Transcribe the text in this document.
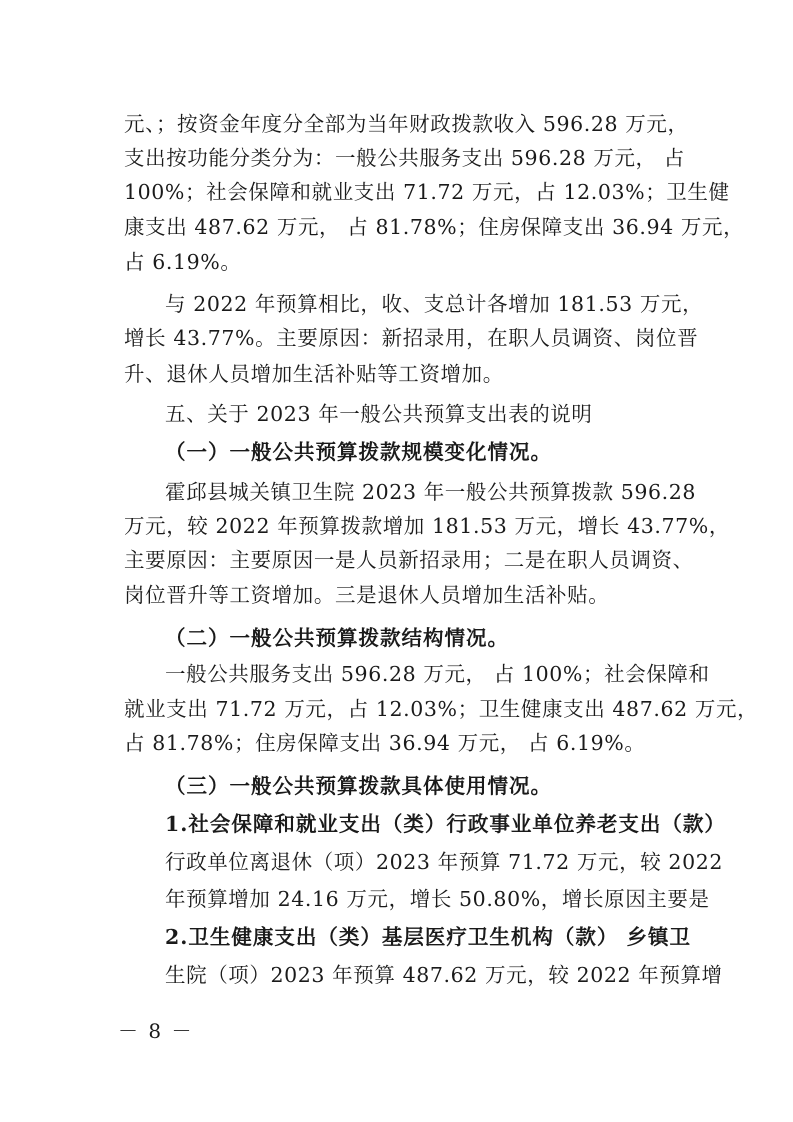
元、；按资金年度分全部为当年财政拨款收入 596.28 万元，
支出按功能分类分为：一般公共服务支出 596.28 万元， 占
100%；社会保障和就业支出 71.72 万元，占 12.03%；卫生健
康支出 487.62 万元， 占 81.78%；住房保障支出 36.94 万元，
占 6.19%。
与 2022 年预算相比，收、支总计各增加 181.53 万元，
增长 43.77%。主要原因：新招录用，在职人员调资、岗位晋
升、退休人员增加生活补贴等工资增加。
五、关于 2023 年一般公共预算支出表的说明
（一）一般公共预算拨款规模变化情况。
霍邱县城关镇卫生院 2023 年一般公共预算拨款 596.28
万元，较 2022 年预算拨款增加 181.53 万元，增长 43.77%，
主要原因：主要原因一是人员新招录用；二是在职人员调资、
岗位晋升等工资增加。三是退休人员增加生活补贴。
（二）一般公共预算拨款结构情况。
一般公共服务支出 596.28 万元， 占 100%；社会保障和
就业支出 71.72 万元，占 12.03%；卫生健康支出 487.62 万元，
占 81.78%；住房保障支出 36.94 万元， 占 6.19%。
（三）一般公共预算拨款具体使用情况。
1.社会保障和就业支出（类）行政事业单位养老支出（款）
行政单位离退休（项）2023 年预算 71.72 万元，较 2022
年预算增加 24.16 万元，增长 50.80%，增长原因主要是
2.卫生健康支出（类）基层医疗卫生机构（款） 乡镇卫
生院（项）2023 年预算 487.62 万元，较 2022 年预算增
－ 8 －
